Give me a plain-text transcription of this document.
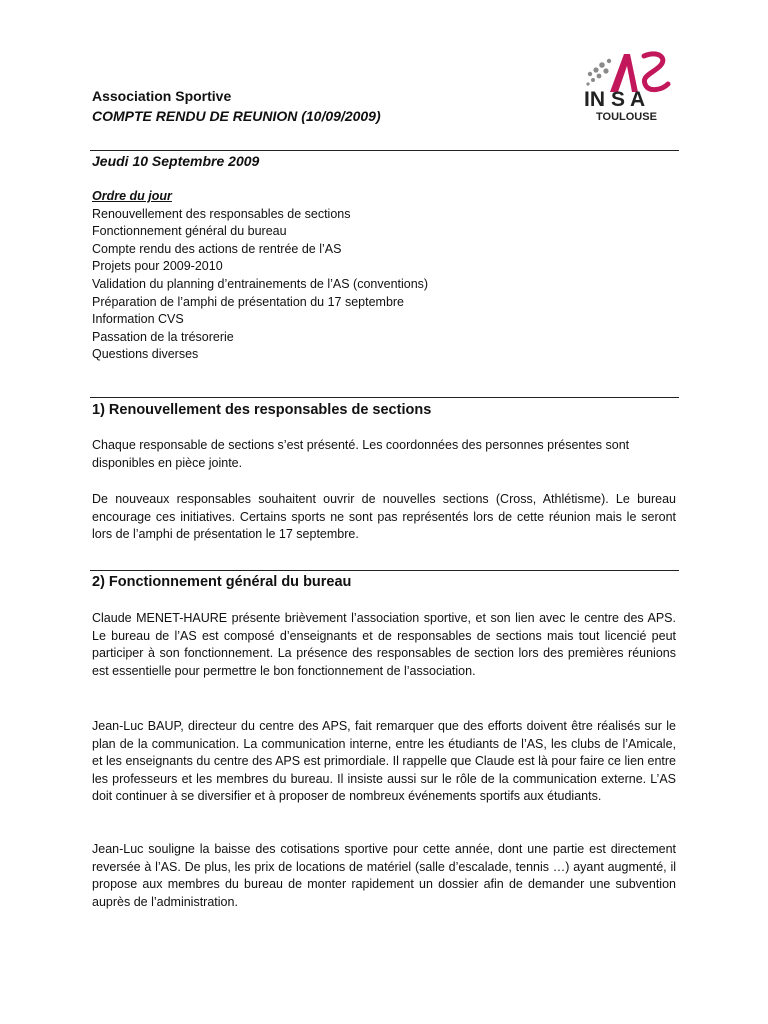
IN S A
TOULOUSE
Association Sportive
COMPTE RENDU DE REUNION (10/09/2009)
Jeudi 10 Septembre 2009
Ordre du jour
Renouvellement des responsables de sections
Fonctionnement général du bureau
Compte rendu des actions de rentrée de l’AS
Projets pour 2009-2010
Validation du planning d’entrainements de l’AS (conventions)
Préparation de l’amphi de présentation du 17 septembre
Information CVS
Passation de la trésorerie
Questions diverses
1) Renouvellement des responsables de sections
Chaque responsable de sections s’est présenté. Les coordonnées des personnes présentes sont disponibles en pièce jointe.
De nouveaux responsables souhaitent ouvrir de nouvelles sections (Cross, Athlétisme). Le bureau encourage ces initiatives. Certains sports ne sont pas représentés lors de cette réunion mais le seront lors de l’amphi de présentation le 17 septembre.
2) Fonctionnement général du bureau
Claude MENET-HAURE présente brièvement l’association sportive, et son lien avec le centre des APS. Le bureau de l’AS est composé d’enseignants et de responsables de sections mais tout licencié peut participer à son fonctionnement. La présence des responsables de section lors des premières réunions est essentielle pour permettre le bon fonctionnement de l’association.
Jean-Luc BAUP, directeur du centre des APS, fait remarquer que des efforts doivent être réalisés sur le plan de la communication. La communication interne, entre les étudiants de l’AS, les clubs de l’Amicale, et les enseignants du centre des APS est primordiale. Il rappelle que Claude est là pour faire ce lien entre les professeurs et les membres du bureau. Il insiste aussi sur le rôle de la communication externe. L’AS doit continuer à se diversifier et à proposer de nombreux événements sportifs aux étudiants.
Jean-Luc souligne la baisse des cotisations sportive pour cette année, dont une partie est directement reversée à l’AS. De plus, les prix de locations de matériel (salle d’escalade, tennis …) ayant augmenté, il propose aux membres du bureau de monter rapidement un dossier afin de demander une subvention auprès de l’administration.
